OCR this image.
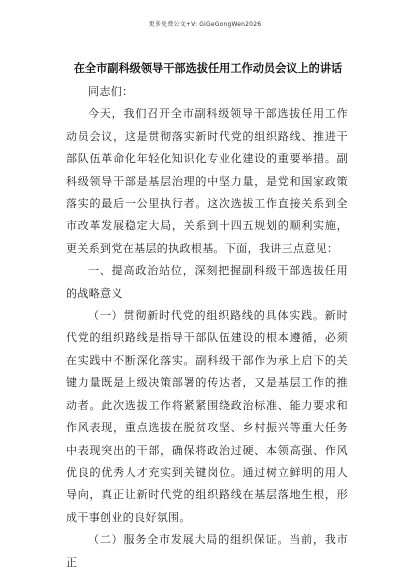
更多免费公文+V: GiGeGongWen2026
在全市副科级领导干部选拔任用工作动员会议上的讲话

同志们：

今天，我们召开全市副科级领导干部选拔任用工作动员会议，这是贯彻落实新时代党的组织路线、推进干部队伍革命化年轻化知识化专业化建设的重要举措。副科级领导干部是基层治理的中坚力量，是党和国家政策落实的最后一公里执行者。这次选拔工作直接关系到全市改革发展稳定大局，关系到十四五规划的顺利实施，更关系到党在基层的执政根基。下面，我讲三点意见：

一、提高政治站位，深刻把握副科级干部选拔任用的战略意义

（一）贯彻新时代党的组织路线的具体实践。新时代党的组织路线是指导干部队伍建设的根本遵循，必须在实践中不断深化落实。副科级干部作为承上启下的关键力量既是上级决策部署的传达者，又是基层工作的推动者。此次选拔工作将紧紧围绕政治标准、能力要求和作风表现，重点选拔在脱贫攻坚、乡村振兴等重大任务中表现突出的干部，确保将政治过硬、本领高强、作风优良的优秀人才充实到关键岗位。通过树立鲜明的用人导向，真正让新时代党的组织路线在基层落地生根，形成干事创业的良好氛围。

（二）服务全市发展大局的组织保证。当前，我市正
